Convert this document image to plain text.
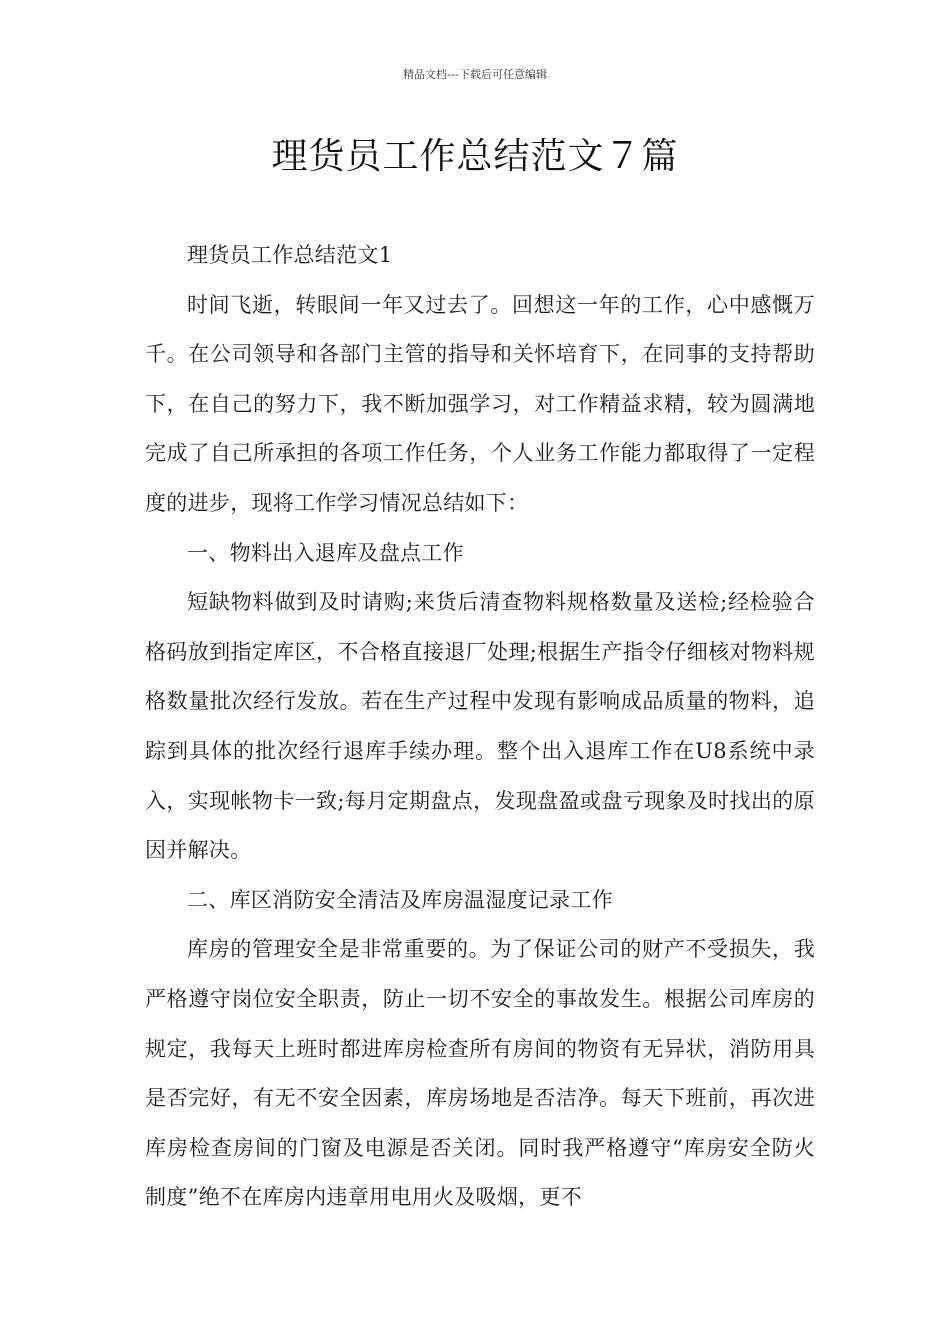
精品文档---下载后可任意编辑
理货员工作总结范文７篇

理货员工作总结范文1

时间飞逝，转眼间一年又过去了。回想这一年的工作，心中感慨万千。在公司领导和各部门主管的指导和关怀培育下，在同事的支持帮助下，在自己的努力下，我不断加强学习，对工作精益求精，较为圆满地完成了自己所承担的各项工作任务，个人业务工作能力都取得了一定程度的进步，现将工作学习情况总结如下：

一、物料出入退库及盘点工作

短缺物料做到及时请购;来货后清查物料规格数量及送检;经检验合格码放到指定库区，不合格直接退厂处理;根据生产指令仔细核对物料规格数量批次经行发放。若在生产过程中发现有影响成品质量的物料，追踪到具体的批次经行退库手续办理。整个出入退库工作在U8系统中录入，实现帐物卡一致;每月定期盘点，发现盘盈或盘亏现象及时找出的原因并解决。

二、库区消防安全清洁及库房温湿度记录工作

库房的管理安全是非常重要的。为了保证公司的财产不受损失，我严格遵守岗位安全职责，防止一切不安全的事故发生。根据公司库房的规定，我每天上班时都进库房检查所有房间的物资有无异状，消防用具是否完好，有无不安全因素，库房场地是否洁净。每天下班前，再次进库房检查房间的门窗及电源是否关闭。同时我严格遵守“库房安全防火制度”绝不在库房内违章用电用火及吸烟，更不
